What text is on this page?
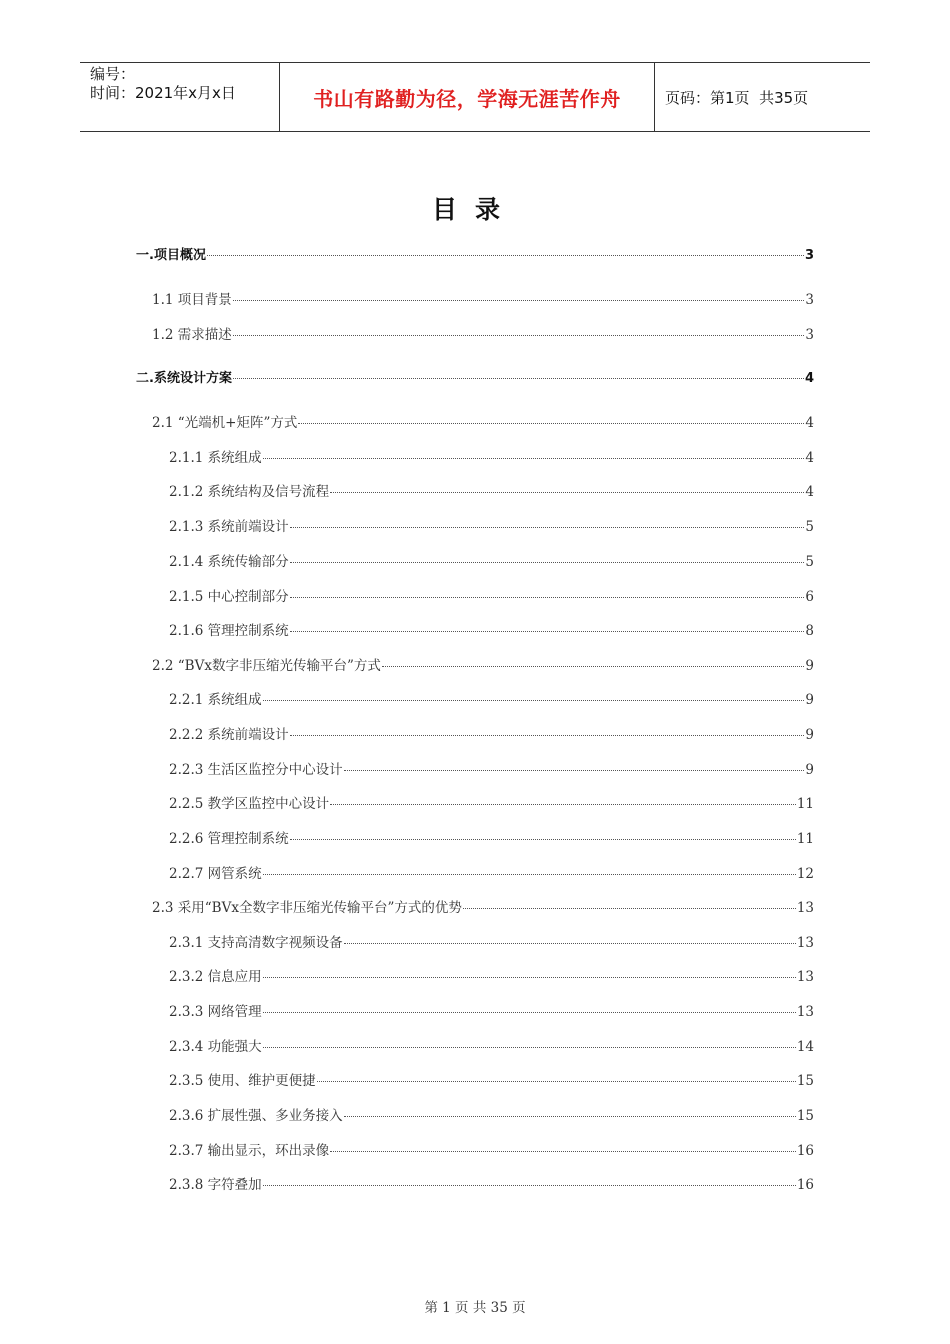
编号：
时间：2021年x月x日	书山有路勤为径，学海无涯苦作舟	页码：第1页  共35页
目录
一.项目概况	3
1.1 项目背景	3
1.2 需求描述	3
二.系统设计方案	4
2.1 “光端机+矩阵”方式	4
2.1.1 系统组成	4
2.1.2 系统结构及信号流程	4
2.1.3 系统前端设计	5
2.1.4 系统传输部分	5
2.1.5 中心控制部分	6
2.1.6 管理控制系统	8
2.2 “BVx数字非压缩光传输平台”方式	9
2.2.1 系统组成	9
2.2.2 系统前端设计	9
2.2.3 生活区监控分中心设计	9
2.2.5 教学区监控中心设计	11
2.2.6 管理控制系统	11
2.2.7 网管系统	12
2.3 采用“BVx全数字非压缩光传输平台”方式的优势	13
2.3.1 支持高清数字视频设备	13
2.3.2 信息应用	13
2.3.3 网络管理	13
2.3.4 功能强大	14
2.3.5 使用、维护更便捷	15
2.3.6 扩展性强、多业务接入	15
2.3.7 输出显示，环出录像	16
2.3.8 字符叠加	16
第 1 页 共 35 页
